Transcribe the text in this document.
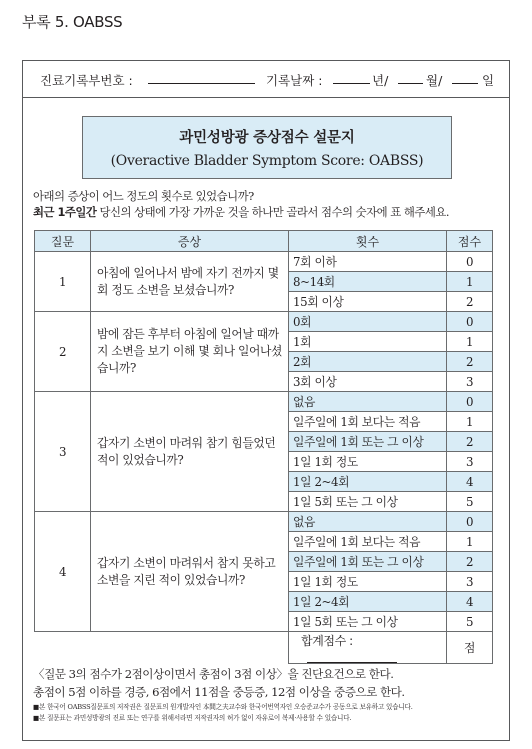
부록 5. OABSS
진료기록부번호 :	기록날짜 :	년/	월/	일
과민성방광 증상점수 설문지
(Overactive Bladder Symptom Score: OABSS)
아래의 증상이 어느 정도의 횟수로 있었습니까?
최근 1주일간 당신의 상태에 가장 가까운 것을 하나만 골라서 점수의 숫자에 표 해주세요.
질문	증상	횟수	점수
1	아침에 일어나서 밤에 자기 전까지 몇 회 정도 소변을 보셨습니까?	7회 이하	0
		8~14회	1
		15회 이상	2
2	밤에 잠든 후부터 아침에 일어날 때까지 소변을 보기 이해 몇 회나 일어나셨습니까?	0회	0
		1회	1
		2회	2
		3회 이상	3
3	갑자기 소변이 마려워 참기 힘들었던 적이 있었습니까?	없음	0
		일주일에 1회 보다는 적음	1
		일주일에 1회 또는 그 이상	2
		1일 1회 정도	3
		1일 2~4회	4
		1일 5회 또는 그 이상	5
4	갑자기 소변이 마려워서 참지 못하고 소변을 지린 적이 있었습니까?	없음	0
		일주일에 1회 보다는 적음	1
		일주일에 1회 또는 그 이상	2
		1일 1회 정도	3
		1일 2~4회	4
		1일 5회 또는 그 이상	5
		합계점수 :	점
〈질문 3의 점수가 2점이상이면서 총점이 3점 이상〉을 진단요건으로 한다.
총점이 5점 이하를 경증, 6점에서 11점을 중등증, 12점 이상을 중증으로 한다.
■본 한국어 OABSS질문표의 저작권은 질문표의 원개발자인 本間之夫교수와 한국어번역자인 오승준교수가 공동으로 보유하고 있습니다.
■본 질문표는 과민성방광의 진료 또는 연구를 위해서라면 저작권자의 허가 없이 자유로이 복제·사용할 수 있습니다.
